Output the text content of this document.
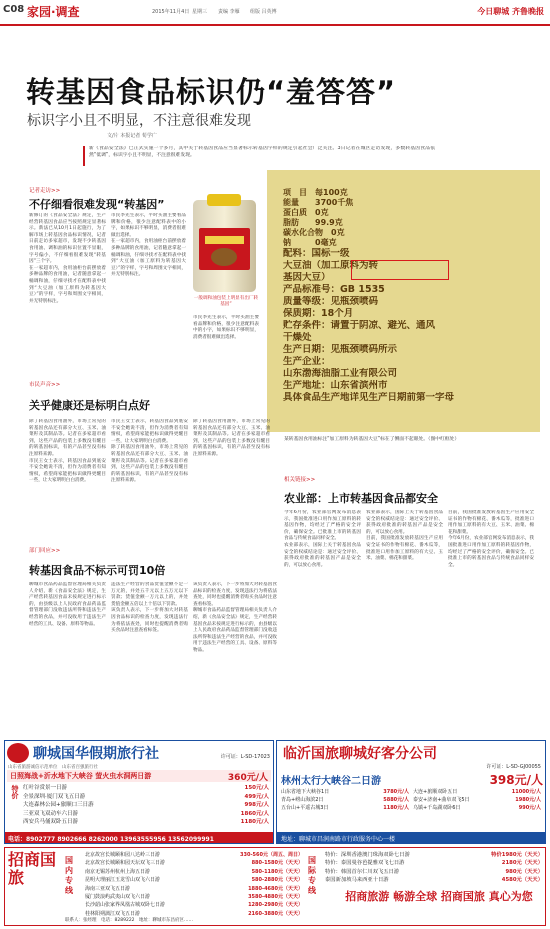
C08 家园·调查	2015年11月4日 星期三 责编 李雁 组版 吕英博	今日聊城 齐鲁晚报
转基因食品标识仍“羞答答”
标识字小且不明显，不注意很难发现
文/片 本报记者 荀学广
新《食品安全法》已正式实施一个多月，其中关于转基因食品应当显著标示转基因字样的规定引起社会广泛关注。3日记者在城区走访发现，多数转基因食品依然“低调”，标识字小且不明显，不注意很难发现。
记者走访>>
不仔细看很难发现“转基因”

新修订的《食品安全法》规定，生产经营转基因食品应当按照规定显著标示。新法已从10月1日起施行，为了解市场上转基因食品标识情况，记者日前走访多家超市，发现不少转基因食用油、调和油的标识位置不显眼，字号偏小，不仔细看很难发现“转基因”三个字。

在一家超市内，食用油柜台前摆放着多种品牌的食用油，记者随意拿起一桶调和油，仔细寻找才在配料表中找到“大豆油（加工原料为转基因大豆）”的字样，字号和周围文字相同，并无特别标注。

市民李先生表示，平时买油主要看品牌和价格，很少注意配料表中的小字，如果标识不够明显，消费者很难做出选择。

在一家超市内，食用油柜台前摆放着多种品牌的食用油，记者随意拿起一桶调和油，仔细寻找才在配料表中找到“大豆油（加工原料为转基因大豆）”的字样，字号和周围文字相同，并无特别标注。

一般调和油包装上明显有出厂转基因”

市民李先生表示，平时买油主要看品牌和价格，很少注意配料表中的小字，如果标识不够明显，消费者很难做出选择。

项　目　每100克
能量　　3700千焦
蛋白质　0克
脂肪　　99.9克
碳水化合物　0克
钠　　　0毫克
配料：国标一级
大豆油（加工原料为转
基因大豆）
产品标准号：GB 1535
质量等级：见瓶颈喷码
保质期：18个月
贮存条件：请置于阴凉、避光、通风
干燥处
生产日期：见瓶颈喷码所示
生产企业：
山东渤海油脂工业有限公司
生产地址：山东省滨州市
具体食品生产地详见生产日期前第一字母
某转基因食用油标注“加工原料为转基因大豆”标在了侧面不起眼处。（图中红框处）
市民声音>>
关乎健康还是标明白点好

除了转基因食用油外，市场上常见的转基因食品还有部分大豆、玉米、油菜籽及其制品等。记者在多家超市看到，这些产品的包装上多数没有醒目的转基因标识，有的产品甚至没有标注原料来源。

市民王女士表示，转基因食品到底安不安全她说不清，但作为消费者有知情权，希望商家能把标识做得更醒目一些，让大家明明白白消费。

市民王女士表示，转基因食品到底安不安全她说不清，但作为消费者有知情权，希望商家能把标识做得更醒目一些，让大家明明白白消费。

除了转基因食用油外，市场上常见的转基因食品还有部分大豆、玉米、油菜籽及其制品等。记者在多家超市看到，这些产品的包装上多数没有醒目的转基因标识，有的产品甚至没有标注原料来源。

除了转基因食用油外，市场上常见的转基因食品还有部分大豆、玉米、油菜籽及其制品等。记者在多家超市看到，这些产品的包装上多数没有醒目的转基因标识，有的产品甚至没有标注原料来源。

相关链接>>
农业部：上市转基因食品都安全

今年6月份，农业部官网发布消息表示，我国批准进口用作加工原料的转基因作物，均经过了严格的安全评价，确保安全。已批准上市的转基因食品与传统食品同样安全。

农业部表示，国际上关于转基因食品安全的权威结论是：通过安全评价、获得政府批准的转基因产品是安全的，可以放心食用。

农业部表示，国际上关于转基因食品安全的权威结论是：通过安全评价、获得政府批准的转基因产品是安全的，可以放心食用。

目前，我国批准发放转基因生产应用安全证书的作物有棉花、番木瓜等，批准进口用作加工原料的有大豆、玉米、油菜、棉花和甜菜。

目前，我国批准发放转基因生产应用安全证书的作物有棉花、番木瓜等，批准进口用作加工原料的有大豆、玉米、油菜、棉花和甜菜。

今年6月份，农业部官网发布消息表示，我国批准进口用作加工原料的转基因作物，均经过了严格的安全评价，确保安全。已批准上市的转基因食品与传统食品同样安全。

部门回应>>
转基因食品不标示可罚10倍

聊城市食品药品监督管理局相关负责人介绍，新《食品安全法》规定，生产经营转基因食品未按规定进行标示的，由县级以上人民政府食品药品监督管理部门没收违法所得和违法生产经营的食品，并可没收用于违法生产经营的工具、设备、原料等物品。

违法生产经营的食品货值金额不足一万元的，并处五千元以上五万元以下罚款；货值金额一万元以上的，并处货值金额五倍以上十倍以下罚款。

该负责人表示，下一步将加大对转基因食品标识的检查力度，发现违法行为将依法查处，同时也提醒消费者购买食品时注意查看标签。

该负责人表示，下一步将加大对转基因食品标识的检查力度，发现违法行为将依法查处，同时也提醒消费者购买食品时注意查看标签。

聊城市食品药品监督管理局相关负责人介绍，新《食品安全法》规定，生产经营转基因食品未按规定进行标示的，由县级以上人民政府食品药品监督管理部门没收违法所得和违法生产经营的食品，并可没收用于违法生产经营的工具、设备、原料等物品。

聊城国华假期旅行社	许可证：L-SD-17023
山东省旅游诚信示范单位　山东省百强旅行社
日照海战+沂水地下大峡谷 萤火虫水洞两日游	360元/人
特价 红叶谷赏景一日游	150元/人
全景深圳·厦门双飞五日游	499元/人
大连森林公园+旅顺口三日游	998元/人
三亚双飞双动车六日游	1860元/人
西安兵马俑双卧五日游	1180元/人
电话：8902777 8902666 8262000 13963555956 13562099991
临沂国旅聊城好客分公司
许可证：L-SD-GJ00055
林州太行大峡谷二日游	398元/人
山东省地下大峡谷1日	3780元/人
青岛+崂山海滨2日	5880元/人
五台山+平遥古城3日	1180元/人
大连+旅顺双卧五日	11000元/人
泰安+济南+曲阜双飞5日	1980元/人
乌镇+千岛湖双卧6日	990元/人
地址：聊城市昌润南路市行政服务中心一楼
招商国旅
国内专线
北京故宫长城颐和园八达岭三日游	330-560元（周五、周日）
北京故宫长城颐和园天坛双飞三日游	880-1580元（天天）
南京无锡苏州杭州上海五日游	580-1180元（天天）
昆明大理丽江玉龙雪山双飞六日游	580-2880元（天天）
海南三亚双飞五日游	1880-4680元（天天）
厦门鼓浪屿武夷山双飞六日游	3580-4880元（天天）
长沙韶山张家界凤凰古城双卧七日游	1280-2980元（天天）
桂林阳朔漓江双飞五日游	2160-3880元（天天）
国际专线
特价：深圳香港澳门珠海双卧七日游	特价1980元（天天）
特价：泰国曼谷芭提雅双飞七日游	2180元（天天）
特价：韩国首尔仁川双飞五日游	980元（天天）
泰国新加坡马来西亚十日游	4580元（天天）
招商旅游 畅游全球 招商国旅 真心为您
联系人：张经理　电话：8289222　地址：聊城市东昌府区……
